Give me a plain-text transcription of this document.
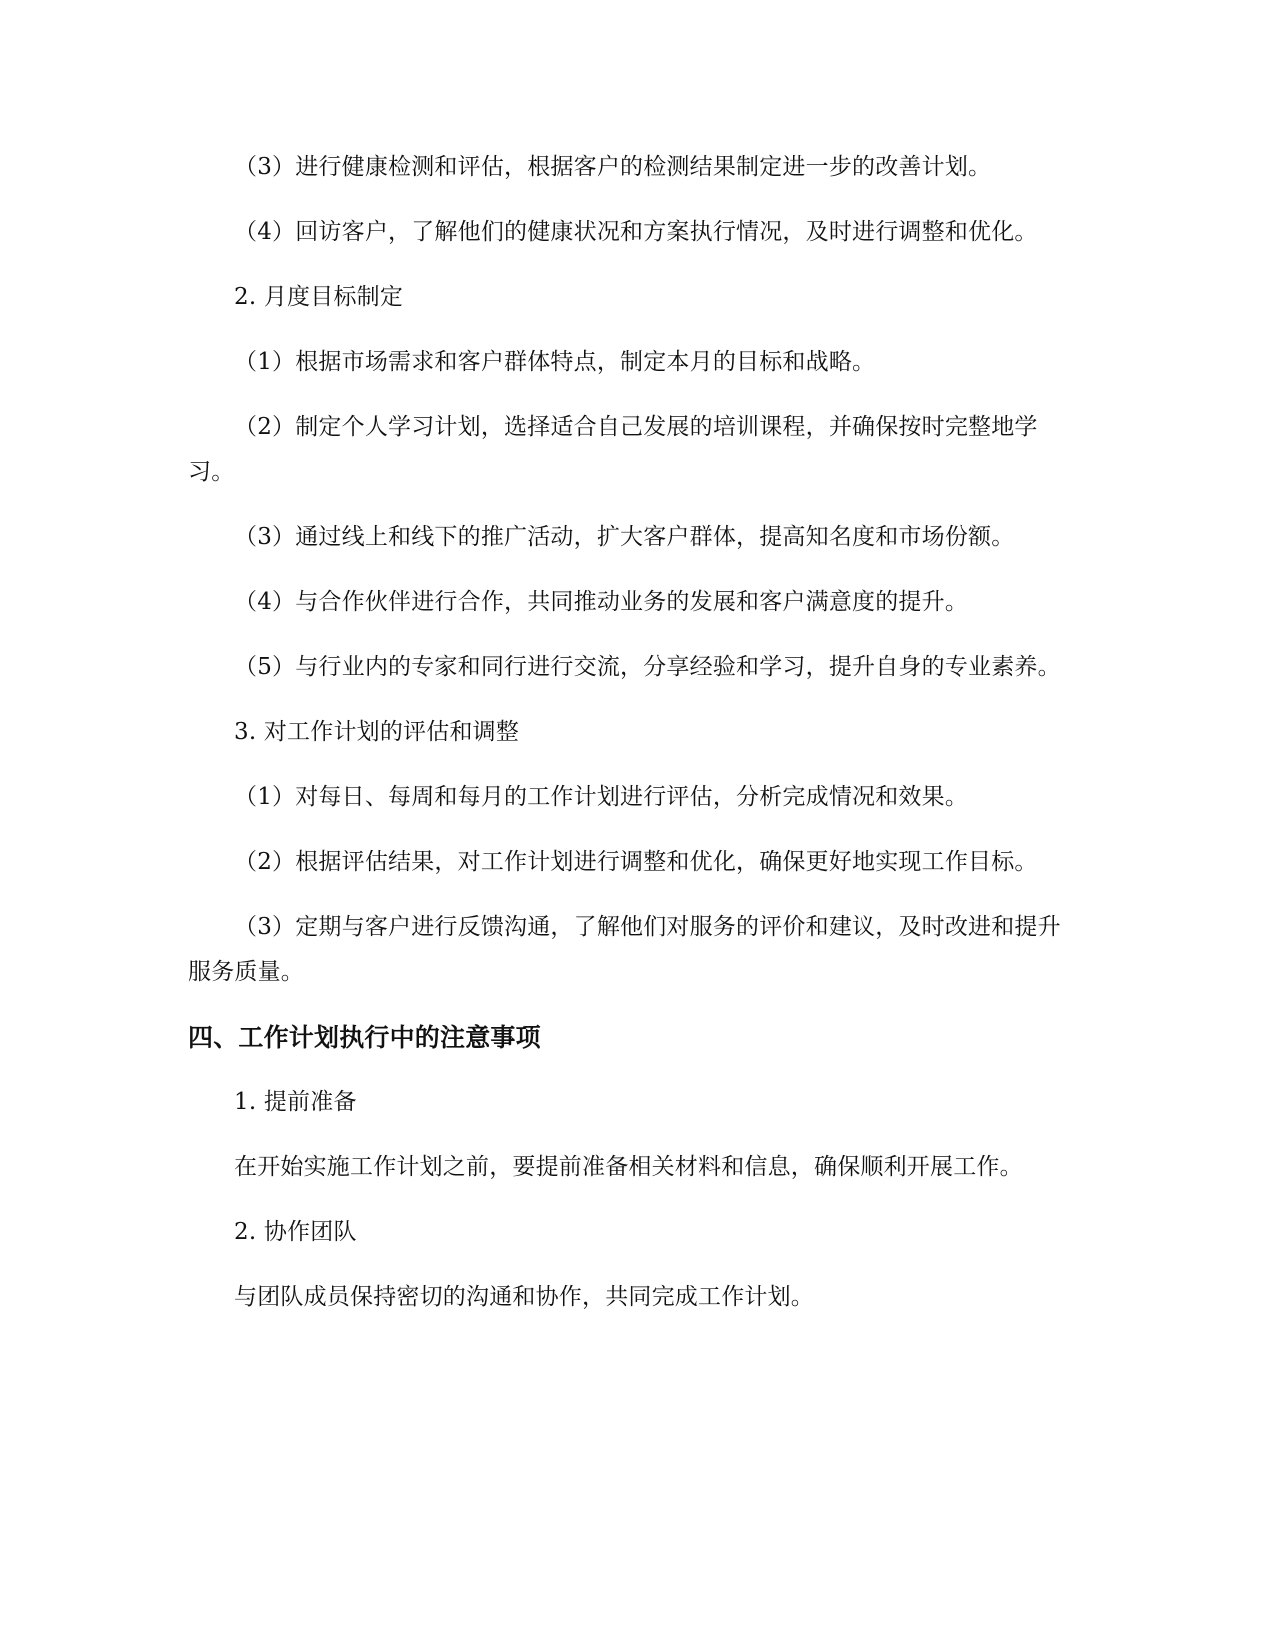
（3）进行健康检测和评估，根据客户的检测结果制定进一步的改善计划。

（4）回访客户，了解他们的健康状况和方案执行情况，及时进行调整和优化。

2. 月度目标制定

（1）根据市场需求和客户群体特点，制定本月的目标和战略。

（2）制定个人学习计划，选择适合自己发展的培训课程，并确保按时完整地学习。

（3）通过线上和线下的推广活动，扩大客户群体，提高知名度和市场份额。

（4）与合作伙伴进行合作，共同推动业务的发展和客户满意度的提升。

（5）与行业内的专家和同行进行交流，分享经验和学习，提升自身的专业素养。

3. 对工作计划的评估和调整

（1）对每日、每周和每月的工作计划进行评估，分析完成情况和效果。

（2）根据评估结果，对工作计划进行调整和优化，确保更好地实现工作目标。

（3）定期与客户进行反馈沟通，了解他们对服务的评价和建议，及时改进和提升服务质量。

四、工作计划执行中的注意事项

1. 提前准备

在开始实施工作计划之前，要提前准备相关材料和信息，确保顺利开展工作。

2. 协作团队

与团队成员保持密切的沟通和协作，共同完成工作计划。
